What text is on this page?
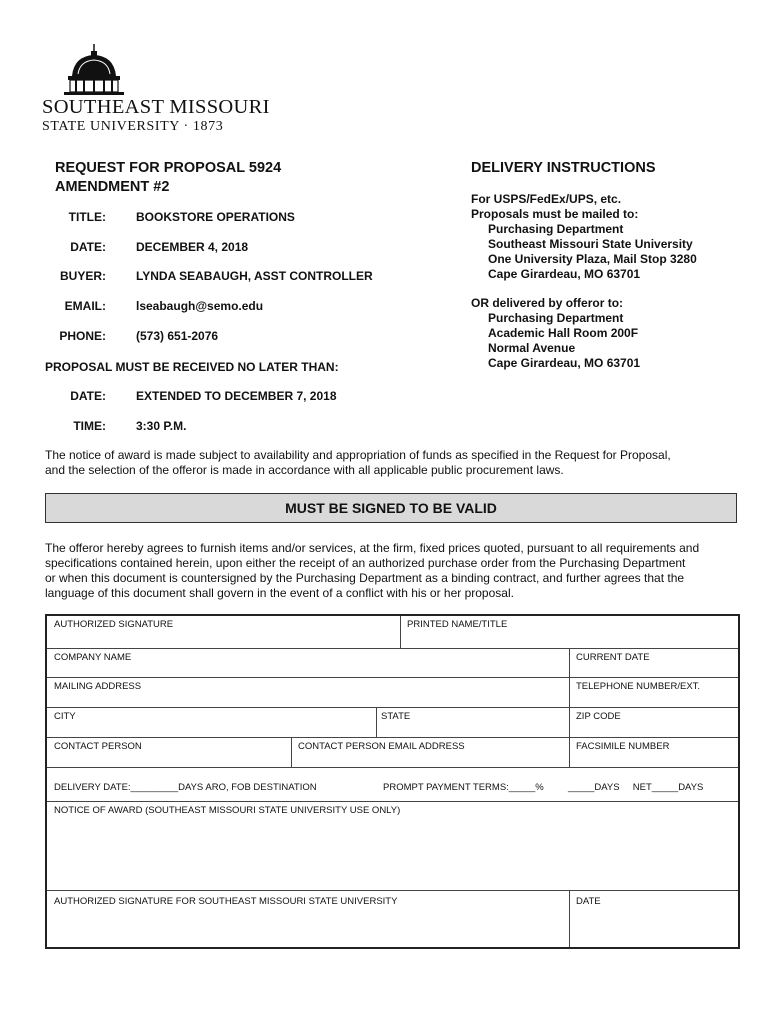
SOUTHEAST MISSOURI
STATE UNIVERSITY · 1873
REQUEST FOR PROPOSAL 5924
AMENDMENT #2
TITLE:	BOOKSTORE OPERATIONS
DATE:	DECEMBER 4, 2018
BUYER:	LYNDA SEABAUGH, ASST CONTROLLER
EMAIL:	lseabaugh@semo.edu
PHONE:	(573) 651-2076
PROPOSAL MUST BE RECEIVED NO LATER THAN:
DATE:	EXTENDED TO DECEMBER 7, 2018
TIME:	3:30 P.M.
DELIVERY INSTRUCTIONS
For USPS/FedEx/UPS, etc.
Proposals must be mailed to:
Purchasing Department
Southeast Missouri State University
One University Plaza, Mail Stop 3280
Cape Girardeau, MO 63701
OR delivered by offeror to:
Purchasing Department
Academic Hall Room 200F
Normal Avenue
Cape Girardeau, MO 63701
The notice of award is made subject to availability and appropriation of funds as specified in the Request for Proposal,
and the selection of the offeror is made in accordance with all applicable public procurement laws.
MUST BE SIGNED TO BE VALID
The offeror hereby agrees to furnish items and/or services, at the firm, fixed prices quoted, pursuant to all requirements and
specifications contained herein, upon either the receipt of an authorized purchase order from the Purchasing Department
or when this document is countersigned by the Purchasing Department as a binding contract, and further agrees that the
language of this document shall govern in the event of a conflict with his or her proposal.
AUTHORIZED SIGNATURE	PRINTED NAME/TITLE
COMPANY NAME	CURRENT DATE
MAILING ADDRESS	TELEPHONE NUMBER/EXT.
CITY	STATE	ZIP CODE
CONTACT PERSON	CONTACT PERSON EMAIL ADDRESS	FACSIMILE NUMBER
DELIVERY DATE:_________DAYS ARO, FOB DESTINATION	PROMPT PAYMENT TERMS:_____%	_____DAYS     NET_____DAYS
NOTICE OF AWARD (SOUTHEAST MISSOURI STATE UNIVERSITY USE ONLY)
AUTHORIZED SIGNATURE FOR SOUTHEAST MISSOURI STATE UNIVERSITY	DATE
